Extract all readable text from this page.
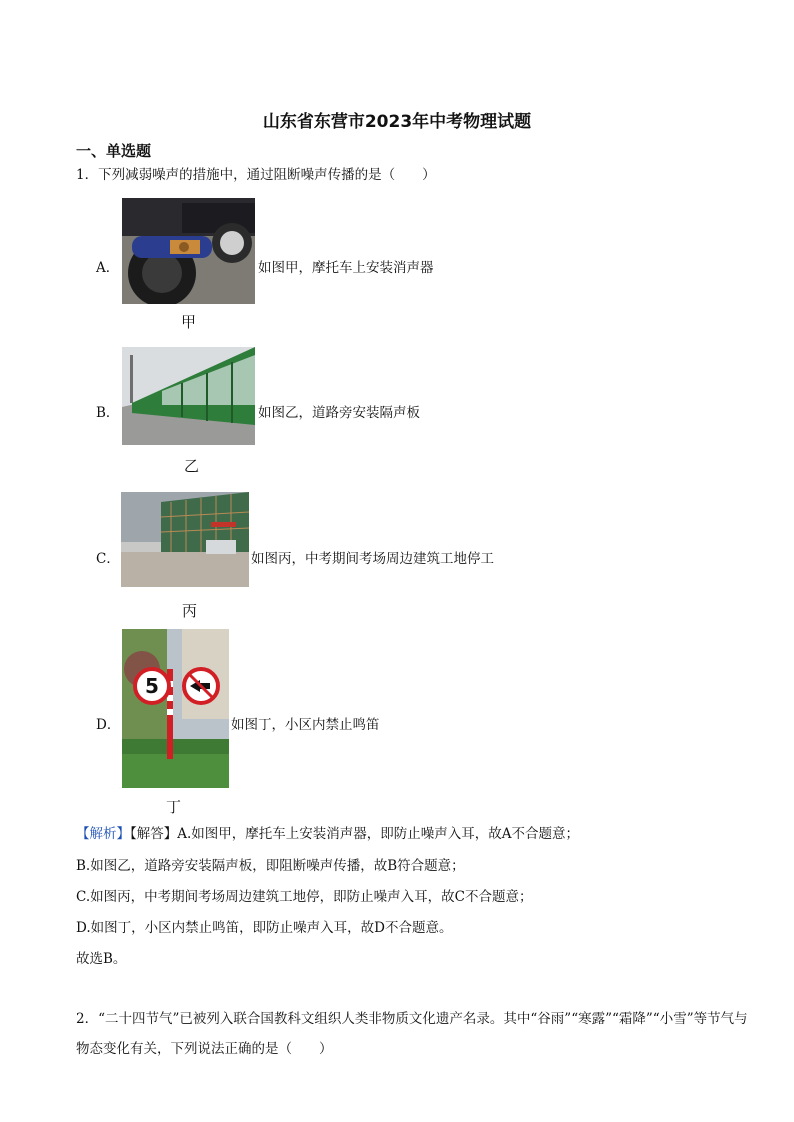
山东省东营市2023年中考物理试题
一、单选题
1．下列减弱噪声的措施中，通过阻断噪声传播的是（　　）
A．	如图甲，摩托车上安装消声器
甲
B．	如图乙，道路旁安装隔声板
乙
C．	如图丙，中考期间考场周边建筑工地停工
丙
D．
5
如图丁，小区内禁止鸣笛
丁
【解析】【解答】A.如图甲，摩托车上安装消声器，即防止噪声入耳，故A不合题意；
B.如图乙，道路旁安装隔声板，即阻断噪声传播，故B符合题意；
C.如图丙，中考期间考场周边建筑工地停，即防止噪声入耳，故C不合题意；
D.如图丁，小区内禁止鸣笛，即防止噪声入耳，故D不合题意。
故选B。
2．“二十四节气”已被列入联合国教科文组织人类非物质文化遗产名录。其中“谷雨”“寒露”“霜降”“小雪”等节气与物态变化有关，下列说法正确的是（　　）
